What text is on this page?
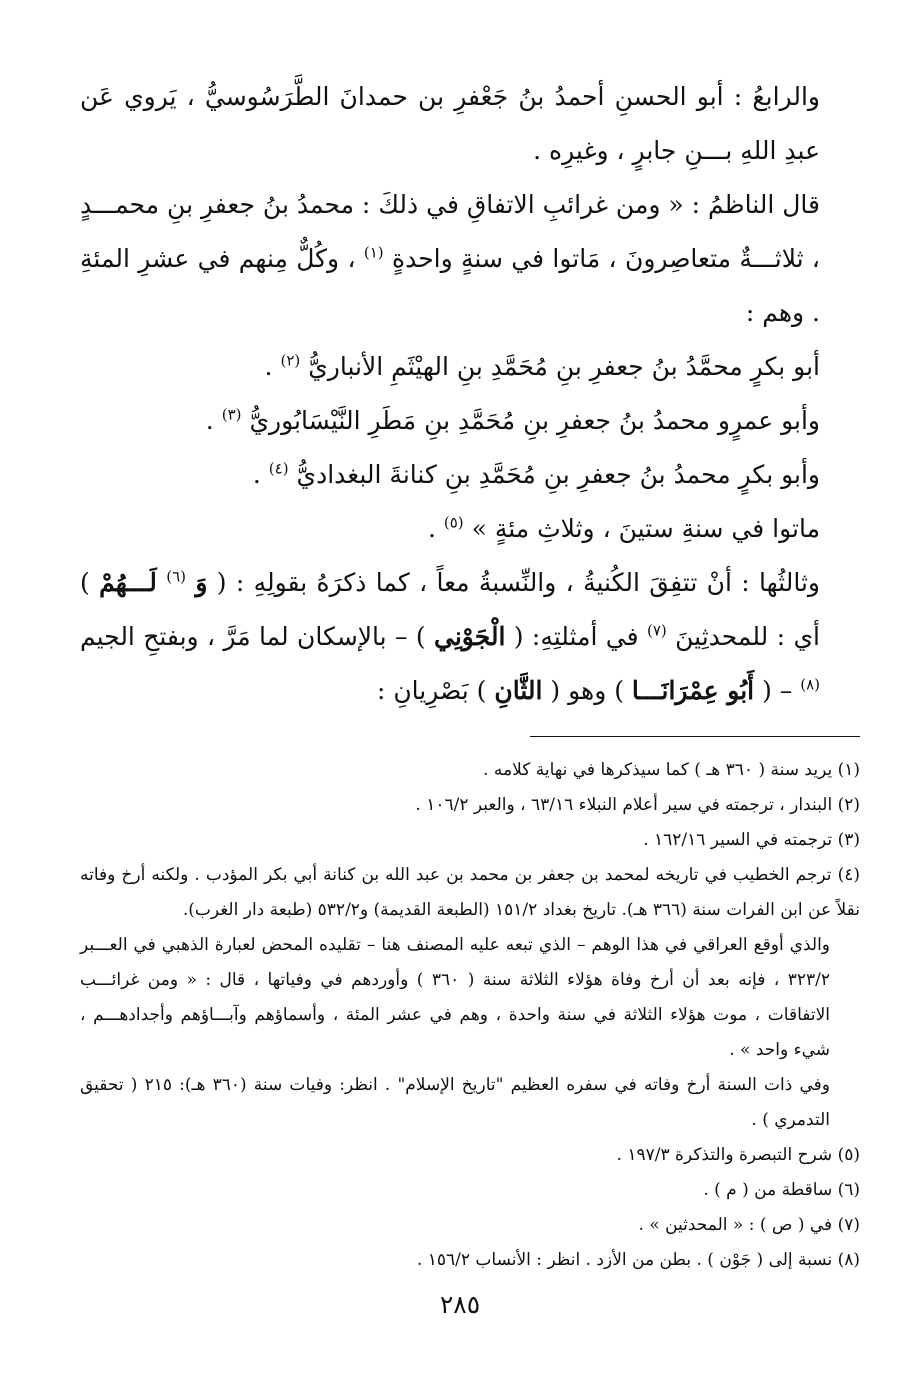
والرابعُ : أبو الحسنِ أحمدُ بنُ جَعْفرِ بن حمدانَ الطَّرَسُوسيُّ ، يَروي عَن عبدِ اللهِ بـــنِ جابرٍ ، وغيرِه .

قال الناظمُ : « ومن غرائبِ الاتفاقِ في ذلكَ : محمدُ بنُ جعفرِ بنِ محمـــدٍ ، ثلاثـــةٌ متعاصِرونَ ، مَاتوا في سنةٍ واحدةٍ $^{(١)}$ ، وكُلٌّ مِنهم في عشرِ المئةِ . وهم :

أبو بكرٍ محمَّدُ بنُ جعفرِ بنِ مُحَمَّدِ بنِ الهيْثَمِ الأنباريُّ $^{(٢)}$ .

وأبو عمرٍو محمدُ بنُ جعفرِ بنِ مُحَمَّدِ بنِ مَطَرِ النَّيْسَابُوريُّ $^{(٣)}$ .

وأبو بكرٍ محمدُ بنُ جعفرِ بنِ مُحَمَّدِ بنِ كنانةَ البغداديُّ $^{(٤)}$ .

ماتوا في سنةِ ستينَ ، وثلاثِ مئةٍ » $^{(٥)}$ .

وثالثُها : أنْ تتفِقَ الكُنيةُ ، والنِّسبةُ معاً ، كما ذكرَهُ بقولِهِ : ( وَ $^{(٦)}$ لَـــهُمْ ) أي : للمحدثِينَ $^{(٧)}$ في أمثلتِهِ: ( الْجَوْنِي ) – بالإسكان لما مَرَّ ، وبفتحِ الجيم $^{(٨)}$ – ( أَبُو عِمْرَانَـــا ) وهو ( الثَّانِ ) بَصْرِيانِ :

(١) يريد سنة ( ٣٦٠ هـ ) كما سيذكرها في نهاية كلامه .

(٢) البندار ، ترجمته في سير أعلام النبلاء ٦٣/١٦ ، والعبر ١٠٦/٢ .

(٣) ترجمته في السير ١٦٢/١٦ .

(٤) ترجم الخطيب في تاريخه لمحمد بن جعفر بن محمد بن عبد الله بن كنانة أبي بكر المؤدب . ولكنه أرخ وفاته نقلاً عن ابن الفرات سنة (٣٦٦ هـ). تاريخ بغداد ١٥١/٢ (الطبعة القديمة) و٥٣٢/٢ (طبعة دار الغرب).

والذي أوقع العراقي في هذا الوهم – الذي تبعه عليه المصنف هنا – تقليده المحض لعبارة الذهبي في العـــبر ٣٢٣/٢ ، فإنه بعد أن أرخ وفاة هؤلاء الثلاثة سنة ( ٣٦٠ ) وأوردهم في وفياتها ، قال : « ومن غرائـــب الاتفاقات ، موت هؤلاء الثلاثة في سنة واحدة ، وهم في عشر المئة ، وأسماؤهم وآبـــاؤهم وأجدادهـــم ، شيء واحد » .

وفي ذات السنة أرخ وفاته في سفره العظيم "تاريخ الإسلام" . انظر: وفيات سنة (٣٦٠ هـ): ٢١٥ ( تحقيق التدمري ) .

(٥) شرح التبصرة والتذكرة ١٩٧/٣ .

(٦) ساقطة من ( م ) .

(٧) في ( ص ) : « المحدثين » .

(٨) نسبة إلى ( جَوْن ) . بطن من الأزد . انظر : الأنساب ١٥٦/٢ .

٢٨٥
